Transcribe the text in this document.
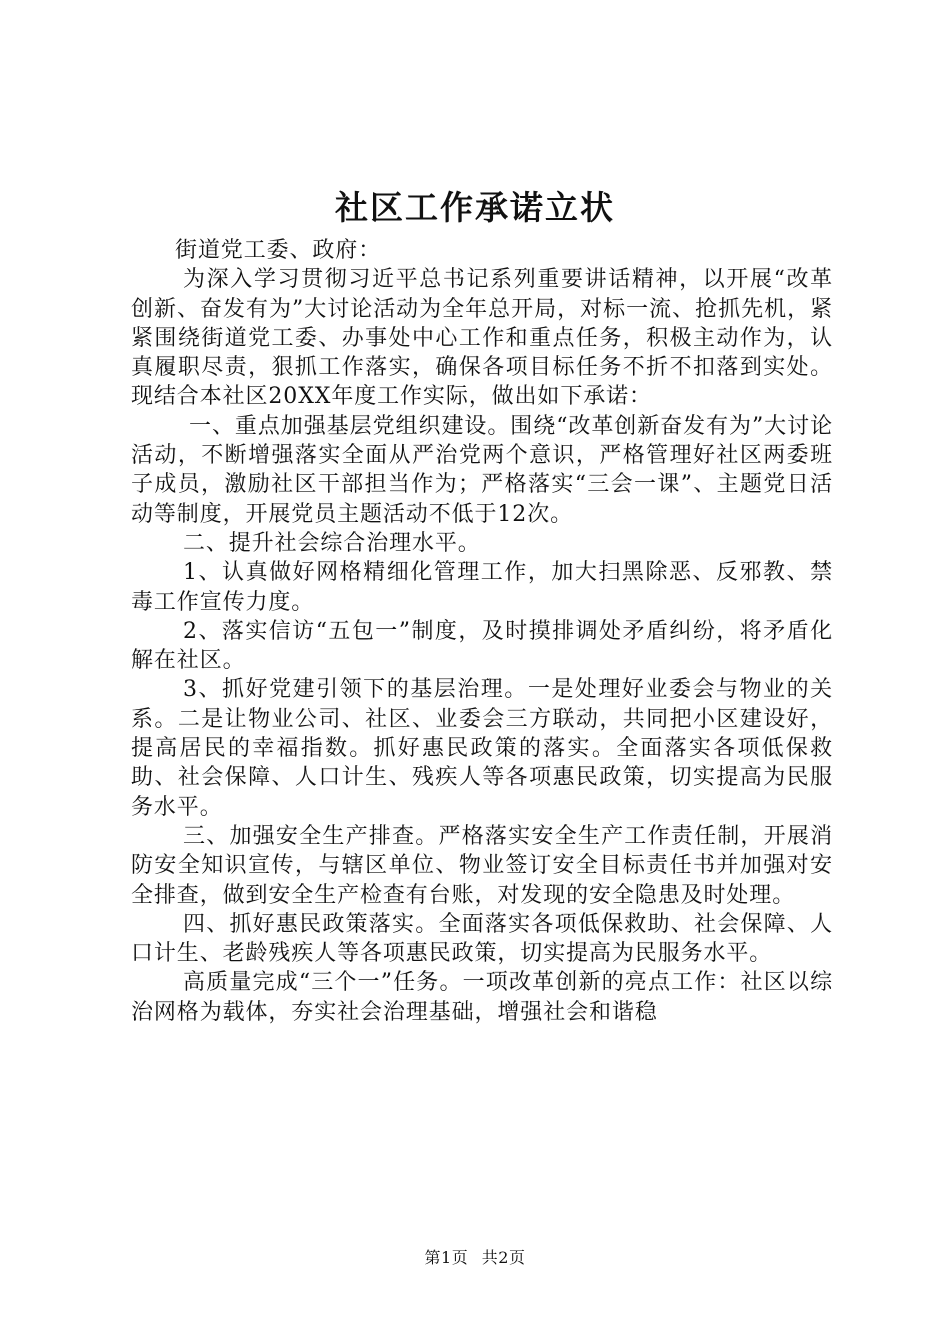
社区工作承诺立状

街道党工委、政府：

为深入学习贯彻习近平总书记系列重要讲话精神，以开展“改革创新、奋发有为”大讨论活动为全年总开局，对标一流、抢抓先机，紧紧围绕街道党工委、办事处中心工作和重点任务，积极主动作为，认真履职尽责，狠抓工作落实，确保各项目标任务不折不扣落到实处。现结合本社区20XX年度工作实际，做出如下承诺：

一、重点加强基层党组织建设。围绕“改革创新奋发有为”大讨论活动，不断增强落实全面从严治党两个意识，严格管理好社区两委班子成员，激励社区干部担当作为；严格落实“三会一课”、主题党日活动等制度，开展党员主题活动不低于12次。

二、提升社会综合治理水平。

1、认真做好网格精细化管理工作，加大扫黑除恶、反邪教、禁毒工作宣传力度。

2、落实信访“五包一”制度，及时摸排调处矛盾纠纷，将矛盾化解在社区。

3、抓好党建引领下的基层治理。一是处理好业委会与物业的关系。二是让物业公司、社区、业委会三方联动，共同把小区建设好，提高居民的幸福指数。抓好惠民政策的落实。全面落实各项低保救助、社会保障、人口计生、残疾人等各项惠民政策，切实提高为民服务水平。

三、加强安全生产排查。严格落实安全生产工作责任制，开展消防安全知识宣传，与辖区单位、物业签订安全目标责任书并加强对安全排查，做到安全生产检查有台账，对发现的安全隐患及时处理。

四、抓好惠民政策落实。全面落实各项低保救助、社会保障、人口计生、老龄残疾人等各项惠民政策，切实提高为民服务水平。

高质量完成“三个一”任务。一项改革创新的亮点工作：社区以综治网格为载体，夯实社会治理基础，增强社会和谐稳

第1页 共2页
